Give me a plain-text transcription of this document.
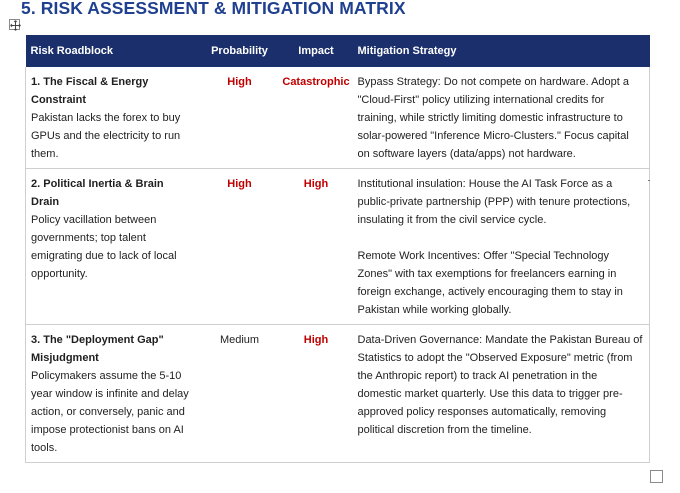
5. RISK ASSESSMENT & MITIGATION MATRIX
Risk Roadblock	Probability	Impact	Mitigation Strategy

1. The Fiscal & Energy Constraint
Pakistan lacks the forex to buy GPUs and the electricity to run them.	High	Catastrophic	Bypass Strategy: Do not compete on hardware. Adopt a "Cloud-First" policy utilizing international credits for training, while strictly limiting domestic infrastructure to solar-powered "Inference Micro-Clusters." Focus capital on software layers (data/apps) not hardware.

2. Political Inertia & Brain Drain
Policy vacillation between governments; top talent emigrating due to lack of local opportunity.	High	High	Institutional insulation: House the AI Task Force as a public-private partnership (PPP) with tenure protections, insulating it from the civil service cycle.
Remote Work Incentives: Offer "Special Technology Zones" with tax exemptions for freelancers earning in foreign exchange, actively encouraging them to stay in Pakistan while working globally.

3. The "Deployment Gap" Misjudgment
Policymakers assume the 5-10 year window is infinite and delay action, or conversely, panic and impose protectionist bans on AI tools.	Medium	High	Data-Driven Governance: Mandate the Pakistan Bureau of Statistics to adopt the "Observed Exposure" metric (from the Anthropic report) to track AI penetration in the domestic market quarterly. Use this data to trigger pre-approved policy responses automatically, removing political discretion from the timeline.
